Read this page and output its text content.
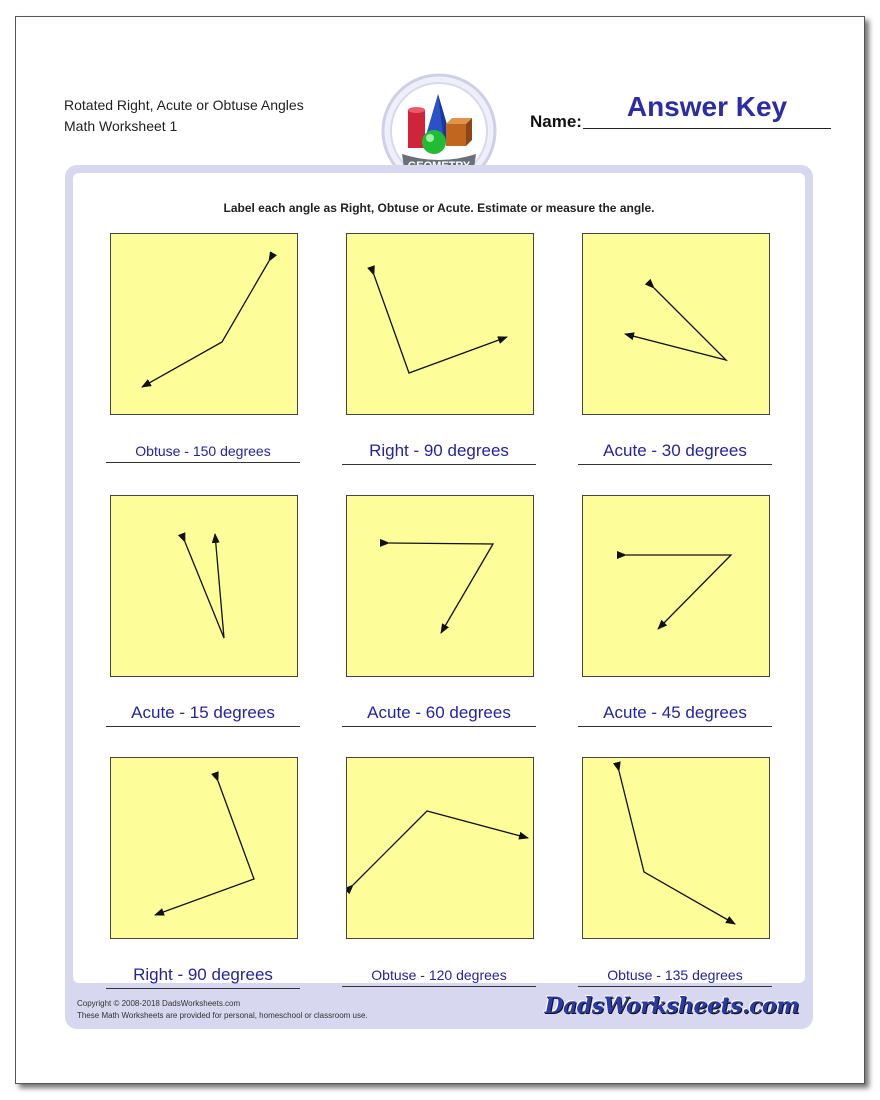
Rotated Right, Acute or Obtuse Angles
Math Worksheet 1	Name:	Answer Key
Label each angle as Right, Obtuse or Acute. Estimate or measure the angle.
Obtuse - 150 degrees	Right - 90 degrees	Acute - 30 degrees
Acute - 15 degrees	Acute - 60 degrees	Acute - 45 degrees
Right - 90 degrees	Obtuse - 120 degrees	Obtuse - 135 degrees
Copyright © 2008-2018 DadsWorksheets.com
These Math Worksheets are provided for personal, homeschool or classroom use.	DadsWorksheets.com
